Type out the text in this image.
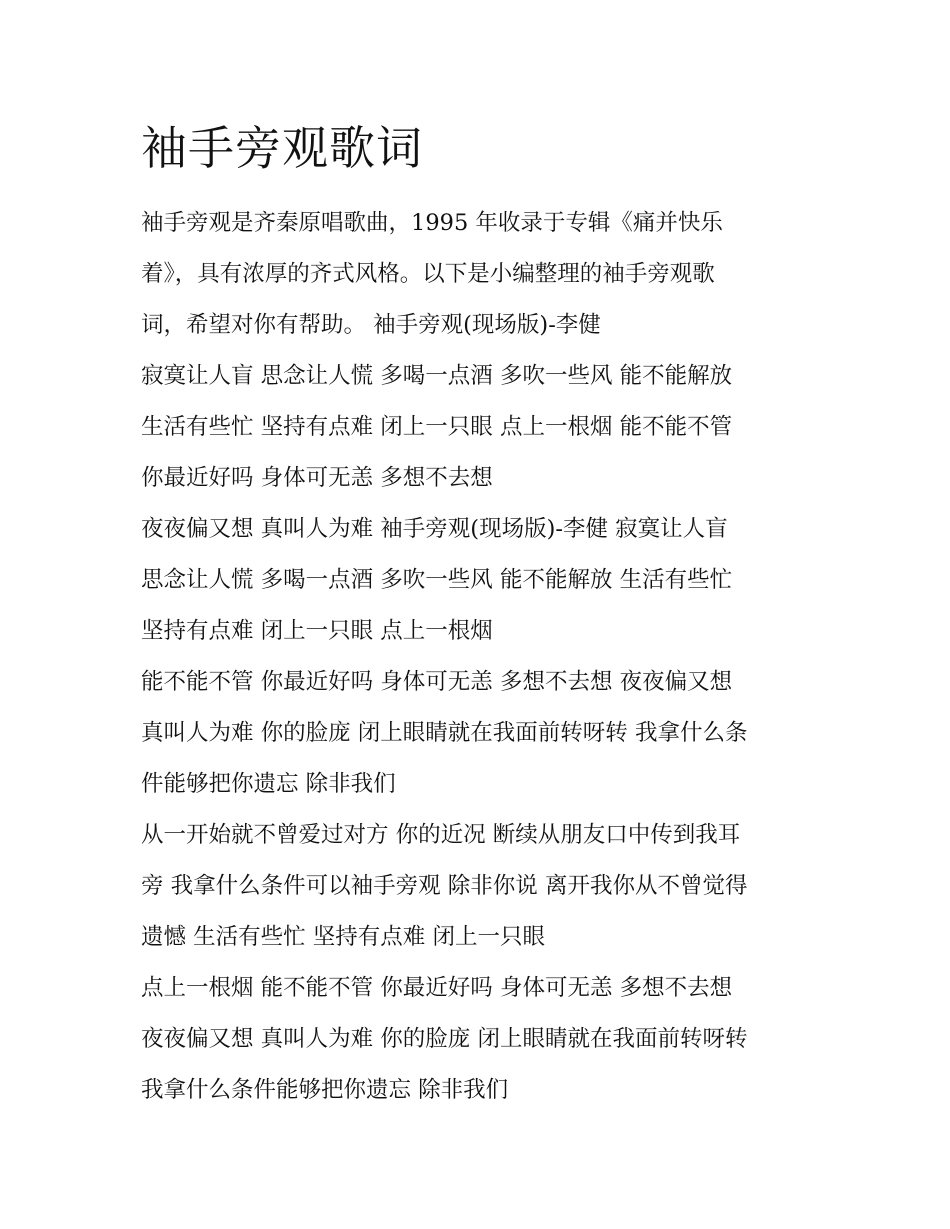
袖手旁观歌词

袖手旁观是齐秦原唱歌曲，1995 年收录于专辑《痛并快乐

着》，具有浓厚的齐式风格。以下是小编整理的袖手旁观歌

词，希望对你有帮助。 袖手旁观(现场版)-李健

寂寞让人盲 思念让人慌 多喝一点酒 多吹一些风 能不能解放

生活有些忙 坚持有点难 闭上一只眼 点上一根烟 能不能不管

你最近好吗 身体可无恙 多想不去想

夜夜偏又想 真叫人为难 袖手旁观(现场版)-李健 寂寞让人盲

思念让人慌 多喝一点酒 多吹一些风 能不能解放 生活有些忙

坚持有点难 闭上一只眼 点上一根烟

能不能不管 你最近好吗 身体可无恙 多想不去想 夜夜偏又想

真叫人为难 你的脸庞 闭上眼睛就在我面前转呀转 我拿什么条

件能够把你遗忘 除非我们

从一开始就不曾爱过对方 你的近况 断续从朋友口中传到我耳

旁 我拿什么条件可以袖手旁观 除非你说 离开我你从不曾觉得

遗憾 生活有些忙 坚持有点难 闭上一只眼

点上一根烟 能不能不管 你最近好吗 身体可无恙 多想不去想

夜夜偏又想 真叫人为难 你的脸庞 闭上眼睛就在我面前转呀转

我拿什么条件能够把你遗忘 除非我们
